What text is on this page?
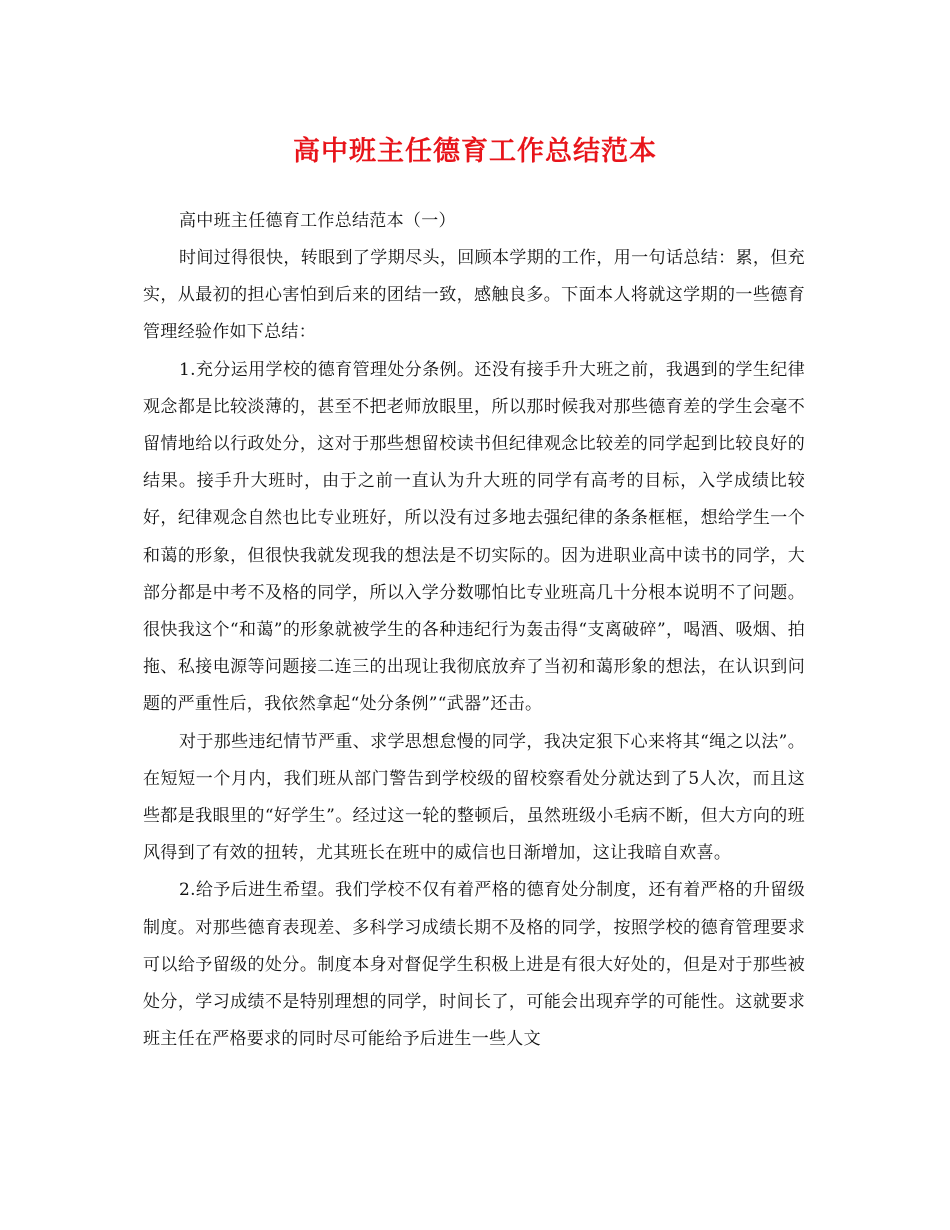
高中班主任德育工作总结范本

高中班主任德育工作总结范本（一）

时间过得很快，转眼到了学期尽头，回顾本学期的工作，用一句话总结：累，但充实，从最初的担心害怕到后来的团结一致，感触良多。下面本人将就这学期的一些德育管理经验作如下总结：

1.充分运用学校的德育管理处分条例。还没有接手升大班之前，我遇到的学生纪律观念都是比较淡薄的，甚至不把老师放眼里，所以那时候我对那些德育差的学生会毫不留情地给以行政处分，这对于那些想留校读书但纪律观念比较差的同学起到比较良好的结果。接手升大班时，由于之前一直认为升大班的同学有高考的目标，入学成绩比较好，纪律观念自然也比专业班好，所以没有过多地去强纪律的条条框框，想给学生一个和蔼的形象，但很快我就发现我的想法是不切实际的。因为进职业高中读书的同学，大部分都是中考不及格的同学，所以入学分数哪怕比专业班高几十分根本说明不了问题。很快我这个“和蔼”的形象就被学生的各种违纪行为轰击得“支离破碎”，喝酒、吸烟、拍拖、私接电源等问题接二连三的出现让我彻底放弃了当初和蔼形象的想法，在认识到问题的严重性后，我依然拿起“处分条例”“武器”还击。

对于那些违纪情节严重、求学思想怠慢的同学，我决定狠下心来将其“绳之以法”。在短短一个月内，我们班从部门警告到学校级的留校察看处分就达到了5人次，而且这些都是我眼里的“好学生”。经过这一轮的整顿后，虽然班级小毛病不断，但大方向的班风得到了有效的扭转，尤其班长在班中的威信也日渐增加，这让我暗自欢喜。

2.给予后进生希望。我们学校不仅有着严格的德育处分制度，还有着严格的升留级制度。对那些德育表现差、多科学习成绩长期不及格的同学，按照学校的德育管理要求可以给予留级的处分。制度本身对督促学生积极上进是有很大好处的，但是对于那些被处分，学习成绩不是特别理想的同学，时间长了，可能会出现弃学的可能性。这就要求班主任在严格要求的同时尽可能给予后进生一些人文
